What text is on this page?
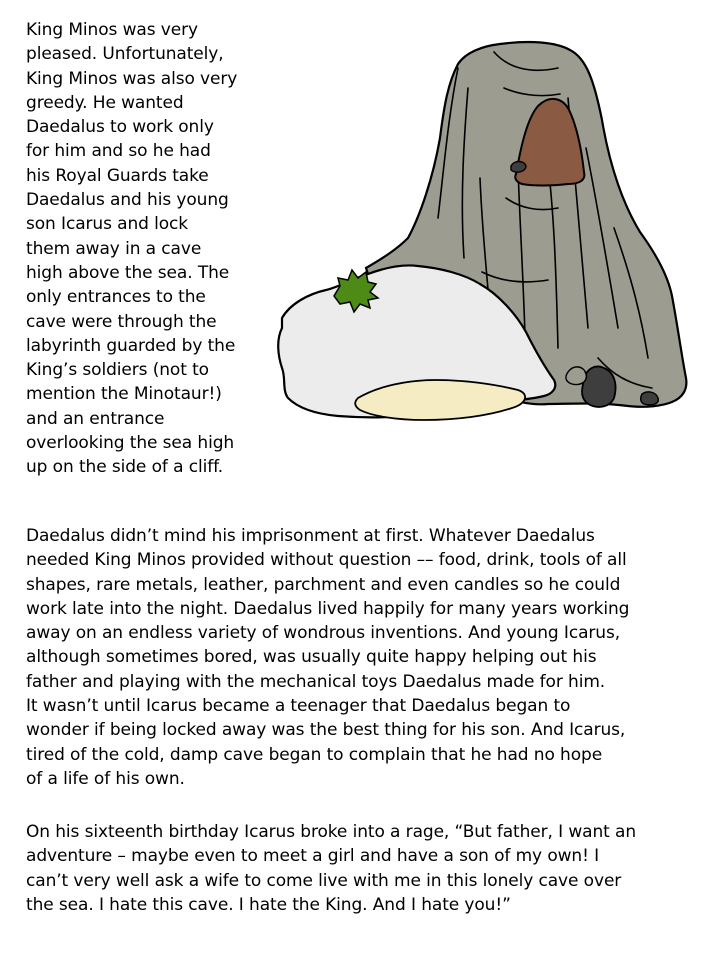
King Minos was very
pleased. Unfortunately,
King Minos was also very
greedy. He wanted
Daedalus to work only
for him and so he had
his Royal Guards take
Daedalus and his young
son Icarus and lock
them away in a cave
high above the sea. The
only entrances to the
cave were through the
labyrinth guarded by the
King’s soldiers (not to
mention the Minotaur!)
and an entrance
overlooking the sea high
up on the side of a cliff.
Daedalus didn’t mind his imprisonment at first. Whatever Daedalus
needed King Minos provided without question –– food, drink, tools of all
shapes, rare metals, leather, parchment and even candles so he could
work late into the night. Daedalus lived happily for many years working
away on an endless variety of wondrous inventions. And young Icarus,
although sometimes bored, was usually quite happy helping out his
father and playing with the mechanical toys Daedalus made for him.
It wasn’t until Icarus became a teenager that Daedalus began to
wonder if being locked away was the best thing for his son. And Icarus,
tired of the cold, damp cave began to complain that he had no hope
of a life of his own.
On his sixteenth birthday Icarus broke into a rage, “But father, I want an
adventure – maybe even to meet a girl and have a son of my own! I
can’t very well ask a wife to come live with me in this lonely cave over
the sea. I hate this cave. I hate the King. And I hate you!”
